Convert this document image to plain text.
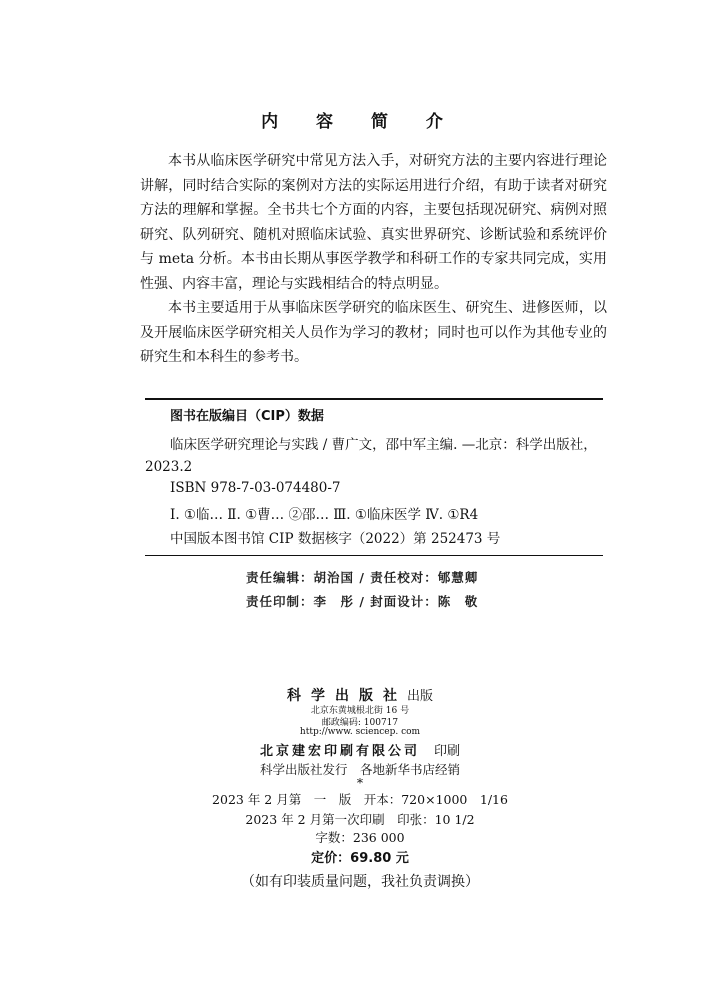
内 容 简 介

本书从临床医学研究中常见方法入手，对研究方法的主要内容进行理论讲解，同时结合实际的案例对方法的实际运用进行介绍，有助于读者对研究方法的理解和掌握。全书共七个方面的内容，主要包括现况研究、病例对照研究、队列研究、随机对照临床试验、真实世界研究、诊断试验和系统评价与 meta 分析。本书由长期从事医学教学和科研工作的专家共同完成，实用性强、内容丰富，理论与实践相结合的特点明显。

本书主要适用于从事临床医学研究的临床医生、研究生、进修医师，以及开展临床医学研究相关人员作为学习的教材；同时也可以作为其他专业的研究生和本科生的参考书。

图书在版编目（CIP）数据
临床医学研究理论与实践 / 曹广文，邵中军主编. —北京：科学出版社，2023.2
ISBN 978-7-03-074480-7
Ⅰ. ①临… Ⅱ. ①曹… ②邵… Ⅲ. ①临床医学 Ⅳ. ①R4
中国版本图书馆 CIP 数据核字（2022）第 252473 号
责任编辑：胡治国 / 责任校对：郇慧卿
责任印制：李　彤 / 封面设计：陈　敬
科学出版社出版
北京东黄城根北街 16 号
邮政编码: 100717
http://www. sciencep. com
北京建宏印刷有限公司 印刷
科学出版社发行　各地新华书店经销
*
2023 年 2 月第　一　版　开本：720×1000　1/16
2023 年 2 月第一次印刷　印张：10 1/2
字数：236 000
定价：69.80 元
（如有印装质量问题，我社负责调换）
